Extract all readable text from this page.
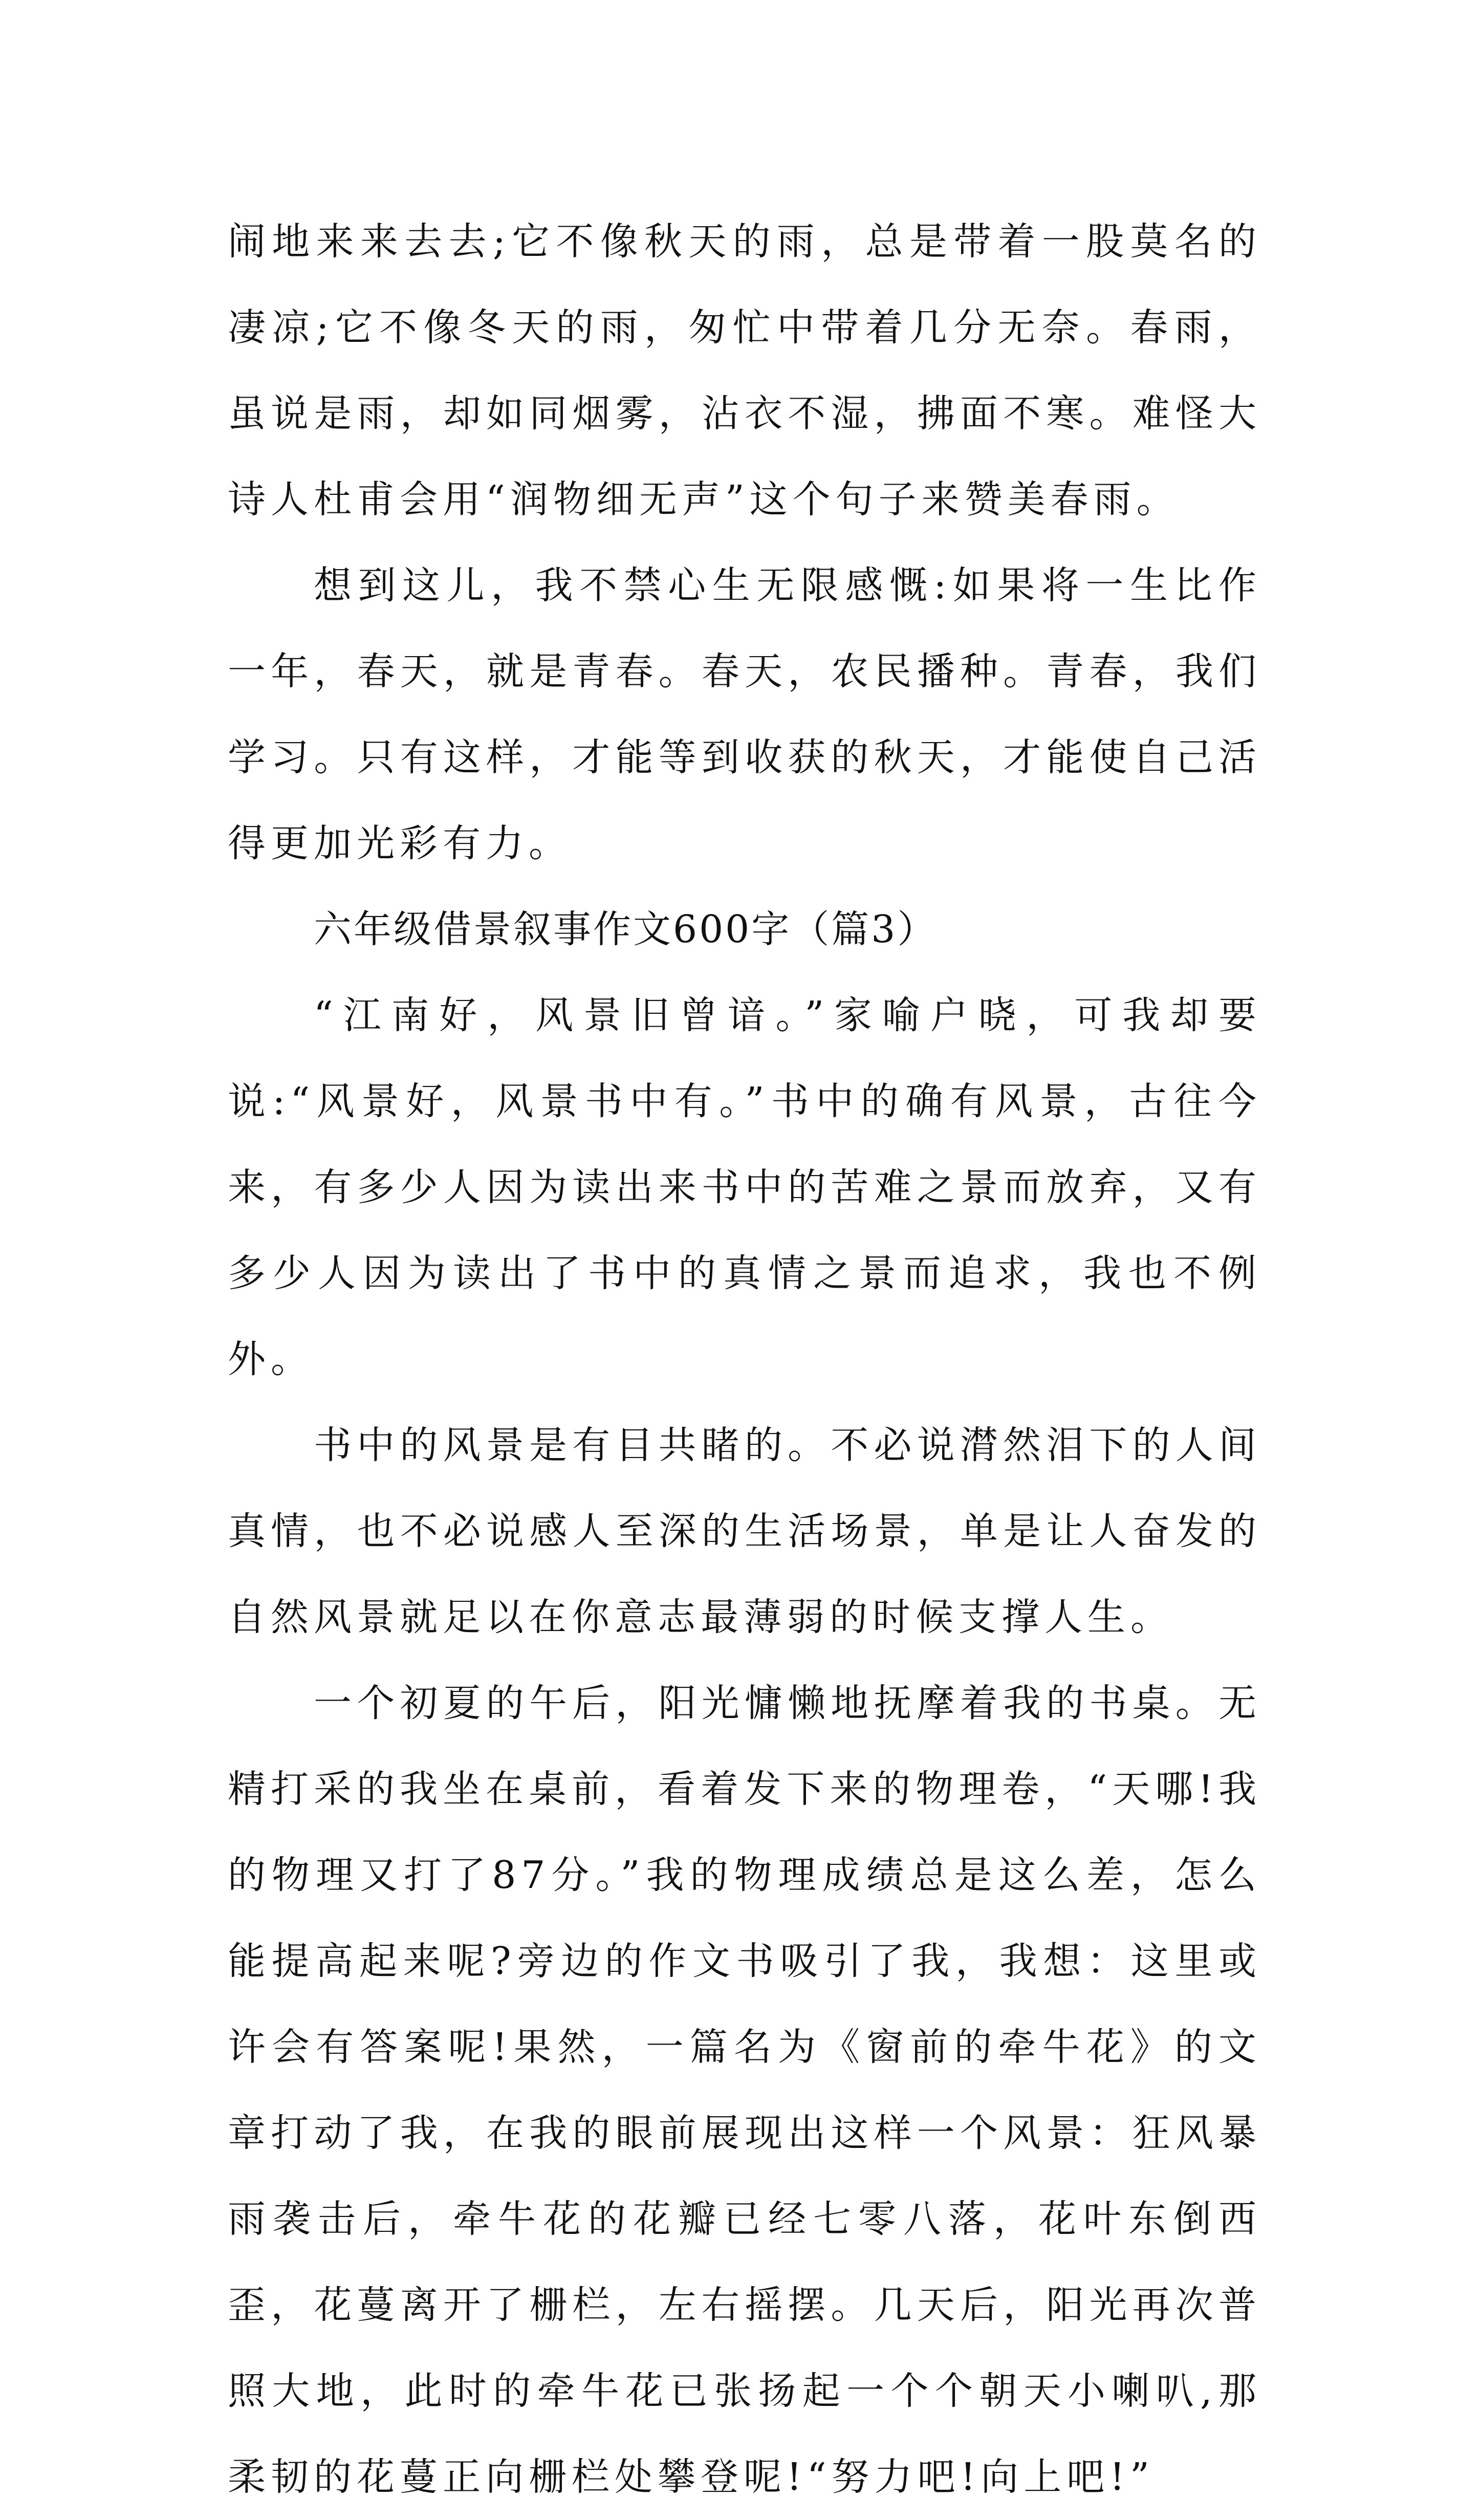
闹地来来去去;它不像秋天的雨，总是带着一股莫名的凄凉;它不像冬天的雨，匆忙中带着几分无奈。春雨，虽说是雨，却如同烟雾，沾衣不湿，拂面不寒。难怪大诗人杜甫会用“润物细无声”这个句子来赞美春雨。

想到这儿，我不禁心生无限感慨:如果将一生比作一年，春天，就是青春。春天，农民播种。青春，我们学习。只有这样，才能等到收获的秋天，才能使自己活得更加光彩有力。

六年级借景叙事作文600字（篇3）

“江南好，风景旧曾谙。”家喻户晓，可我却要说:“风景好，风景书中有。”书中的确有风景，古往今来，有多少人因为读出来书中的苦难之景而放弃，又有多少人因为读出了书中的真情之景而追求，我也不例外。

书中的风景是有目共睹的。不必说潸然泪下的人间真情，也不必说感人至深的生活场景，单是让人奋发的自然风景就足以在你意志最薄弱的时候支撑人生。

一个初夏的午后，阳光慵懒地抚摩着我的书桌。无精打采的我坐在桌前，看着发下来的物理卷，“天哪!我的物理又打了87分。”我的物理成绩总是这么差，怎么能提高起来呢?旁边的作文书吸引了我，我想：这里或许会有答案呢!果然，一篇名为《窗前的牵牛花》的文章打动了我，在我的眼前展现出这样一个风景：狂风暴雨袭击后，牵牛花的花瓣已经七零八落，花叶东倒西歪，花蔓离开了栅栏，左右摇摆。几天后，阳光再次普照大地，此时的牵牛花已张扬起一个个朝天小喇叭,那柔韧的花蔓正向栅栏处攀登呢!“努力吧!向上吧!”
